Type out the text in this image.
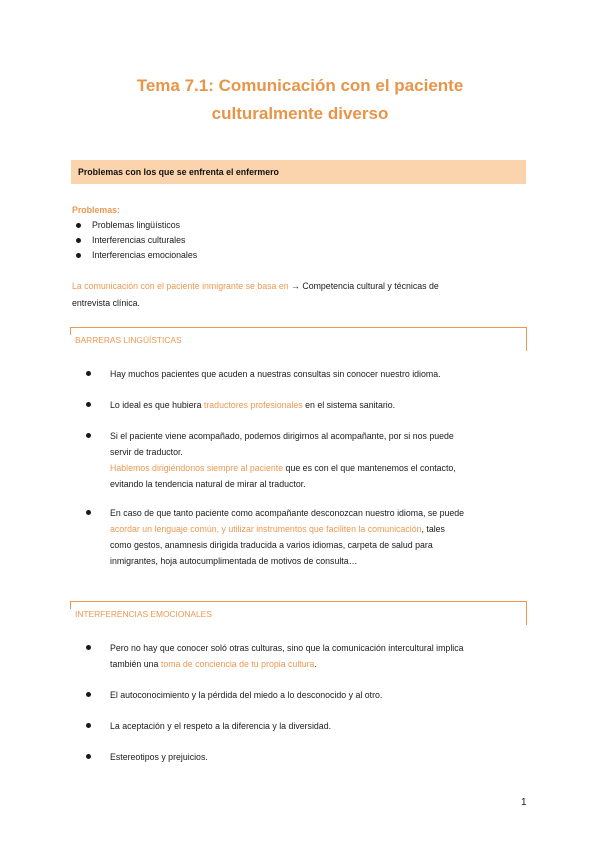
Tema 7.1: Comunicación con el paciente
culturalmente diverso
Problemas con los que se enfrenta el enfermero
Problemas:
Problemas lingüísticos
Interferencias culturales
Interferencias emocionales
La comunicación con el paciente inmigrante se basa en → Competencia cultural y técnicas de
entrevista clínica.
BARRERAS LINGÜÍSTICAS
Hay muchos pacientes que acuden a nuestras consultas sin conocer nuestro idioma.
Lo ideal es que hubiera traductores profesionales en el sistema sanitario.
Si el paciente viene acompañado, podemos dirigirnos al acompañante, por si nos puede
servir de traductor.
Hablemos dirigiéndonos siempre al paciente que es con el que mantenemos el contacto,
evitando la tendencia natural de mirar al traductor.
En caso de que tanto paciente como acompañante desconozcan nuestro idioma, se puede
acordar un lenguaje común, y utilizar instrumentos que faciliten la comunicación, tales
como gestos, anamnesis dirigida traducida a varios idiomas, carpeta de salud para
inmigrantes, hoja autocumplimentada de motivos de consulta…
INTERFERENCIAS EMOCIONALES
Pero no hay que conocer soló otras culturas, sino que la comunicación intercultural implica
también una toma de conciencia de tu propia cultura.
El autoconocimiento y la pérdida del miedo a lo desconocido y al otro.
La aceptación y el respeto a la diferencia y la diversidad.
Estereotipos y prejuicios.
1
